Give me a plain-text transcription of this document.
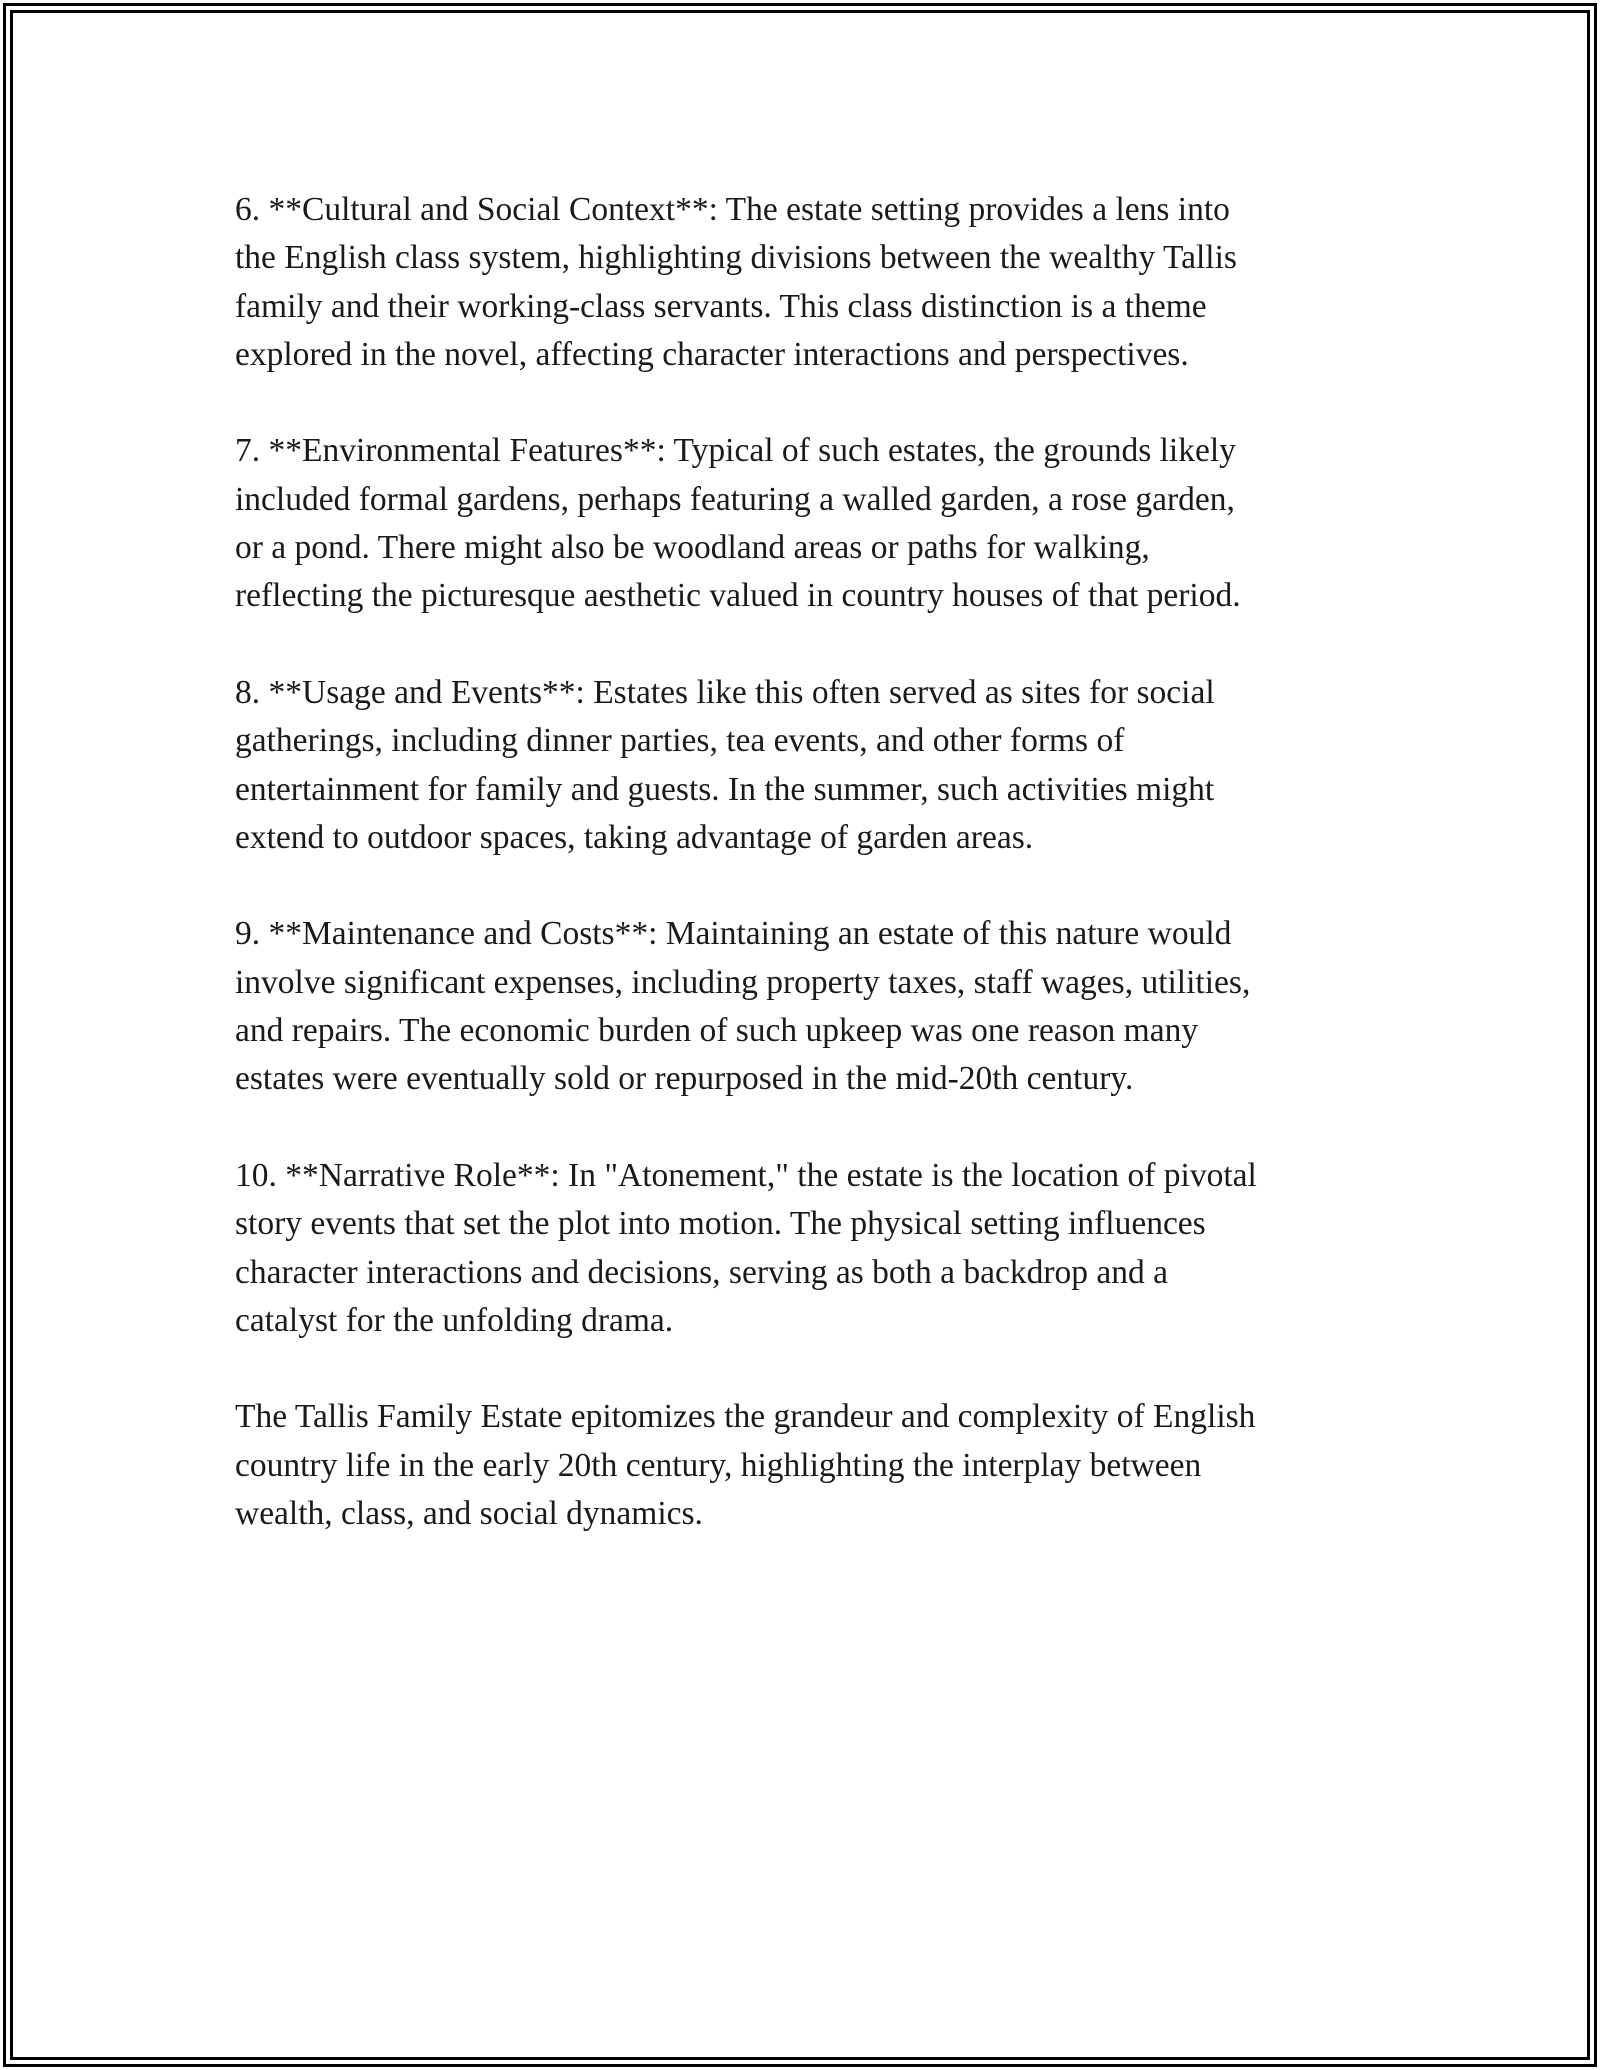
6. **Cultural and Social Context**: The estate setting provides a lens into
the English class system, highlighting divisions between the wealthy Tallis
family and their working-class servants. This class distinction is a theme
explored in the novel, affecting character interactions and perspectives.

7. **Environmental Features**: Typical of such estates, the grounds likely
included formal gardens, perhaps featuring a walled garden, a rose garden,
or a pond. There might also be woodland areas or paths for walking,
reflecting the picturesque aesthetic valued in country houses of that period.

8. **Usage and Events**: Estates like this often served as sites for social
gatherings, including dinner parties, tea events, and other forms of
entertainment for family and guests. In the summer, such activities might
extend to outdoor spaces, taking advantage of garden areas.

9. **Maintenance and Costs**: Maintaining an estate of this nature would
involve significant expenses, including property taxes, staff wages, utilities,
and repairs. The economic burden of such upkeep was one reason many
estates were eventually sold or repurposed in the mid-20th century.

10. **Narrative Role**: In "Atonement," the estate is the location of pivotal
story events that set the plot into motion. The physical setting influences
character interactions and decisions, serving as both a backdrop and a
catalyst for the unfolding drama.

The Tallis Family Estate epitomizes the grandeur and complexity of English
country life in the early 20th century, highlighting the interplay between
wealth, class, and social dynamics.
